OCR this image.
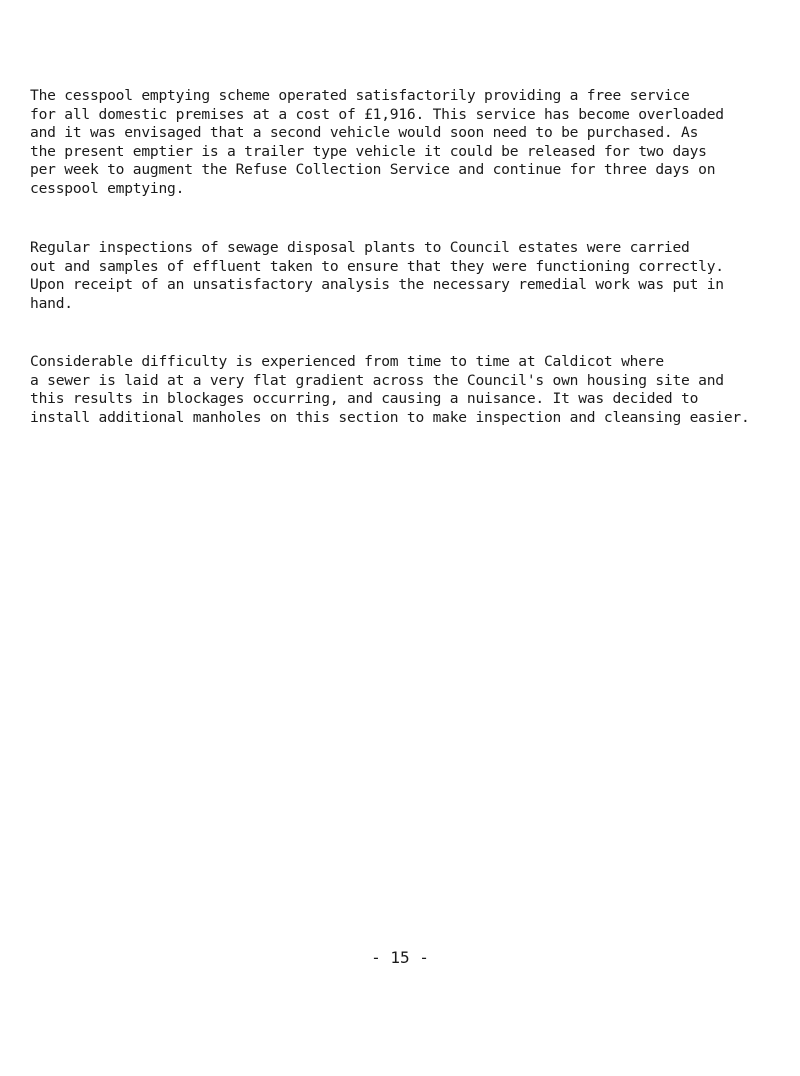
The cesspool emptying scheme operated satisfactorily providing a free service
for all domestic premises at a cost of £1,916. This service has become overloaded
and it was envisaged that a second vehicle would soon need to be purchased. As
the present emptier is a trailer type vehicle it could be released for two days
per week to augment the Refuse Collection Service and continue for three days on
cesspool emptying.
Regular inspections of sewage disposal plants to Council estates were carried
out and samples of effluent taken to ensure that they were functioning correctly.
Upon receipt of an unsatisfactory analysis the necessary remedial work was put in
hand.
Considerable difficulty is experienced from time to time at Caldicot where
a sewer is laid at a very flat gradient across the Council's own housing site and
this results in blockages occurring, and causing a nuisance. It was decided to
install additional manholes on this section to make inspection and cleansing easier.
- 15 -
